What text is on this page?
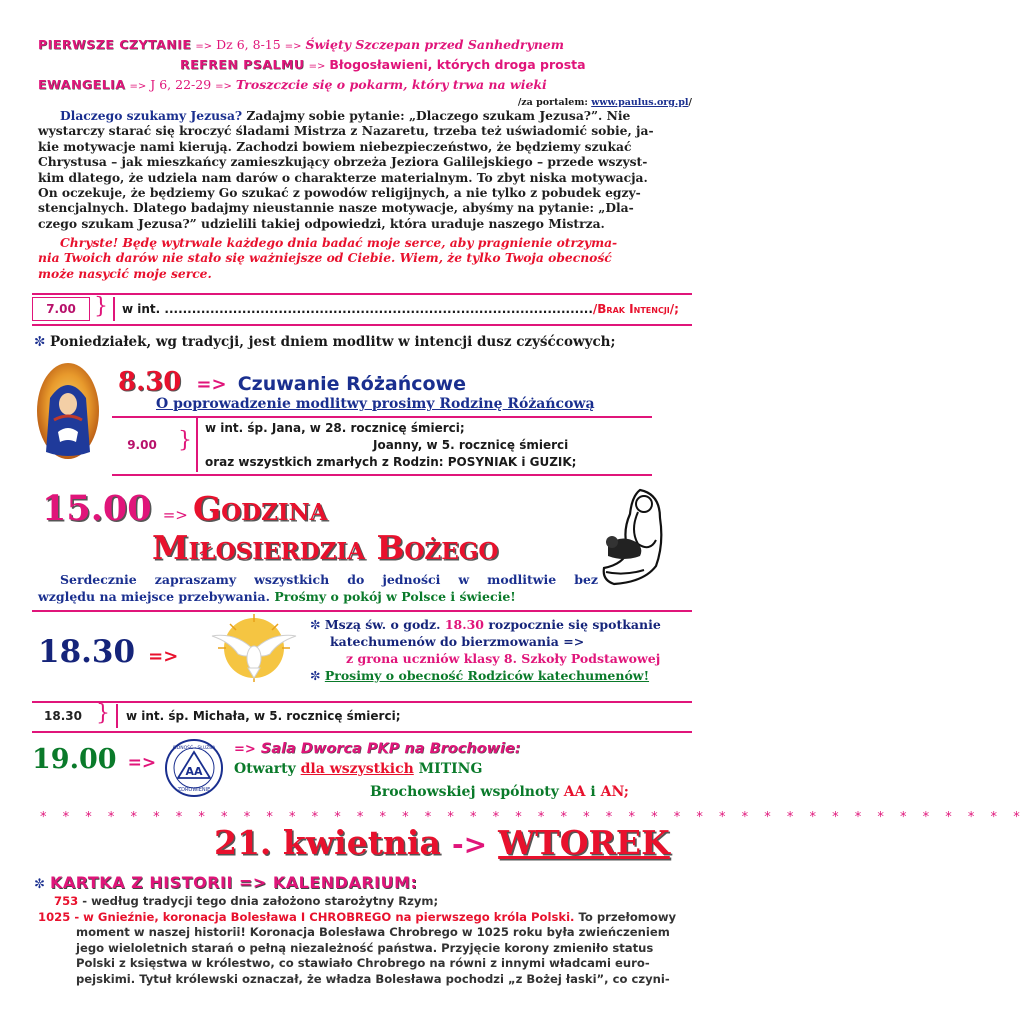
PIERWSZE CZYTANIE => Dz 6, 8-15 => Święty Szczepan przed Sanhedrynem
REFREN PSALMU => Błogosławieni, których droga prosta
EWANGELIA => J 6, 22-29 => Troszczcie się o pokarm, który trwa na wieki
/za portalem: www.paulus.org.pl/
Dlaczego szukamy Jezusa? Zadajmy sobie pytanie: „Dlaczego szukam Jezusa?”. Nie
wystarczy starać się kroczyć śladami Mistrza z Nazaretu, trzeba też uświadomić sobie, ja-
kie motywacje nami kierują. Zachodzi bowiem niebezpieczeństwo, że będziemy szukać
Chrystusa – jak mieszkańcy zamieszkujący obrzeża Jeziora Galilejskiego – przede wszyst-
kim dlatego, że udziela nam darów o charakterze materialnym. To zbyt niska motywacja.
On oczekuje, że będziemy Go szukać z powodów religijnych, a nie tylko z pobudek egzy-
stencjalnych. Dlatego badajmy nieustannie nasze motywacje, abyśmy na pytanie: „Dla-
czego szukam Jezusa?” udzielili takiej odpowiedzi, która uraduje naszego Mistrza.
Chryste! Będę wytrwale każdego dnia badać moje serce, aby pragnienie otrzyma-
nia Twoich darów nie stało się ważniejsze od Ciebie. Wiem, że tylko Twoja obecność
może nasycić moje serce.
7.00 } w int. ............................................................................................../Brak Intencji/;
✼ Poniedziałek, wg tradycji, jest dniem modlitw w intencji dusz czyśćcowych;
8.30 => Czuwanie Różańcowe
O poprowadzenie modlitwy prosimy Rodzinę Różańcową
9.00 } w int. śp. Jana, w 28. rocznicę śmierci;
Joanny, w 5. rocznicę śmierci
oraz wszystkich zmarłych z Rodzin: POSYNIAK i GUZIK;
15.00 => Godzina
Miłosierdzia Bożego
Serdecznie zapraszamy wszystkich do jedności w modlitwie bez
względu na miejsce przebywania. Prośmy o pokój w Polsce i świecie!
18.30 =>
✼ Mszą św. o godz. 18.30 rozpocznie się spotkanie
katechumenów do bierzmowania =>
z grona uczniów klasy 8. Szkoły Podstawowej
✼ Prosimy o obecność Rodziców katechumenów!
18.30 } w int. śp. Michała, w 5. rocznicę śmierci;
19.00 =>	AA
JEDNOŚĆ · SŁUŻBA
ZDROWIENIE
=> Sala Dworca PKP na Brochowie:
Otwarty dla wszystkich MITING
Brochowskiej wspólnoty AA i AN;
* * * * * * * * * * * * * * * * * * * * * * * * * * * * * * * * * * * * * * * * * * * *
21. kwietnia -> WTOREK
✼ KARTKA Z HISTORII => KALENDARIUM:
753 - według tradycji tego dnia założono starożytny Rzym;
1025 - w Gnieźnie, koronacja Bolesława I CHROBREGO na pierwszego króla Polski. To przełomowy
moment w naszej historii! Koronacja Bolesława Chrobrego w 1025 roku była zwieńczeniem
jego wieloletnich starań o pełną niezależność państwa. Przyjęcie korony zmieniło status
Polski z księstwa w królestwo, co stawiało Chrobrego na równi z innymi władcami euro-
pejskimi. Tytuł królewski oznaczał, że władza Bolesława pochodzi „z Bożej łaski”, co czyni-
